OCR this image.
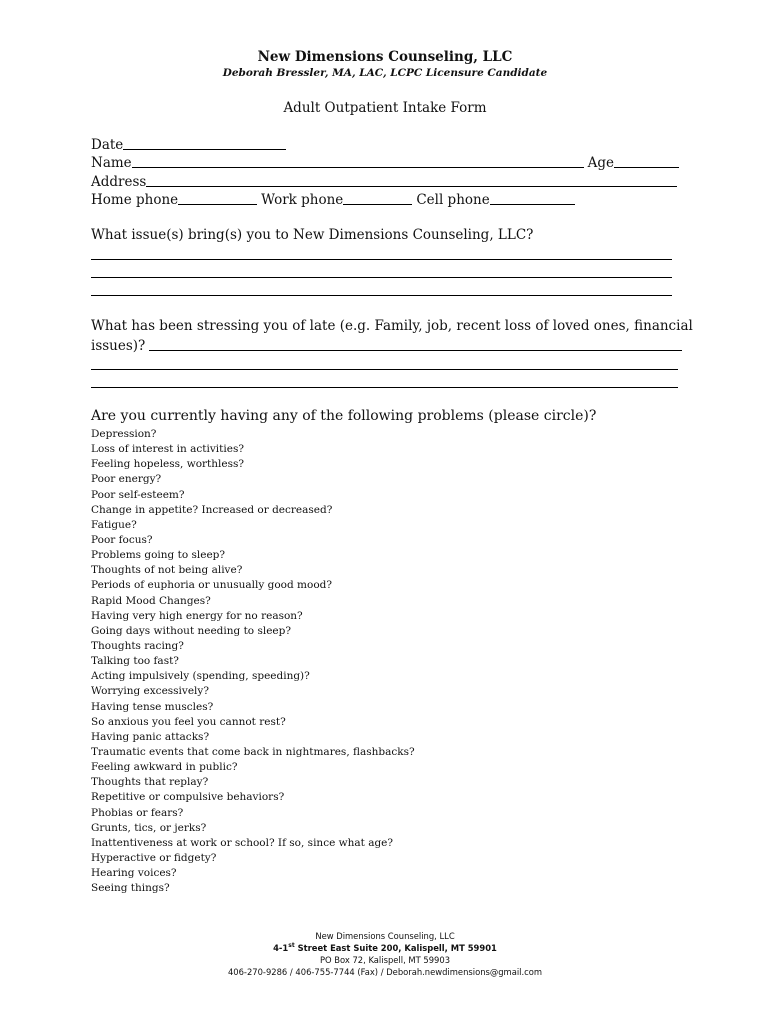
New Dimensions Counseling, LLC
Deborah Bressler, MA, LAC, LCPC Licensure Candidate
Adult Outpatient Intake Form
Date
Name	Age
Address
Home phone	Work phone	Cell phone
What issue(s) bring(s) you to New Dimensions Counseling, LLC?
What has been stressing you of late (e.g. Family, job, recent loss of loved ones, financial
issues)?
Are you currently having any of the following problems (please circle)?
Depression?
Loss of interest in activities?
Feeling hopeless, worthless?
Poor energy?
Poor self-esteem?
Change in appetite? Increased or decreased?
Fatigue?
Poor focus?
Problems going to sleep?
Thoughts of not being alive?
Periods of euphoria or unusually good mood?
Rapid Mood Changes?
Having very high energy for no reason?
Going days without needing to sleep?
Thoughts racing?
Talking too fast?
Acting impulsively (spending, speeding)?
Worrying excessively?
Having tense muscles?
So anxious you feel you cannot rest?
Having panic attacks?
Traumatic events that come back in nightmares, flashbacks?
Feeling awkward in public?
Thoughts that replay?
Repetitive or compulsive behaviors?
Phobias or fears?
Grunts, tics, or jerks?
Inattentiveness at work or school? If so, since what age?
Hyperactive or fidgety?
Hearing voices?
Seeing things?
New Dimensions Counseling, LLC
4-1st Street East Suite 200, Kalispell, MT 59901
PO Box 72, Kalispell, MT 59903
406-270-9286 / 406-755-7744 (Fax) / Deborah.newdimensions@gmail.com
